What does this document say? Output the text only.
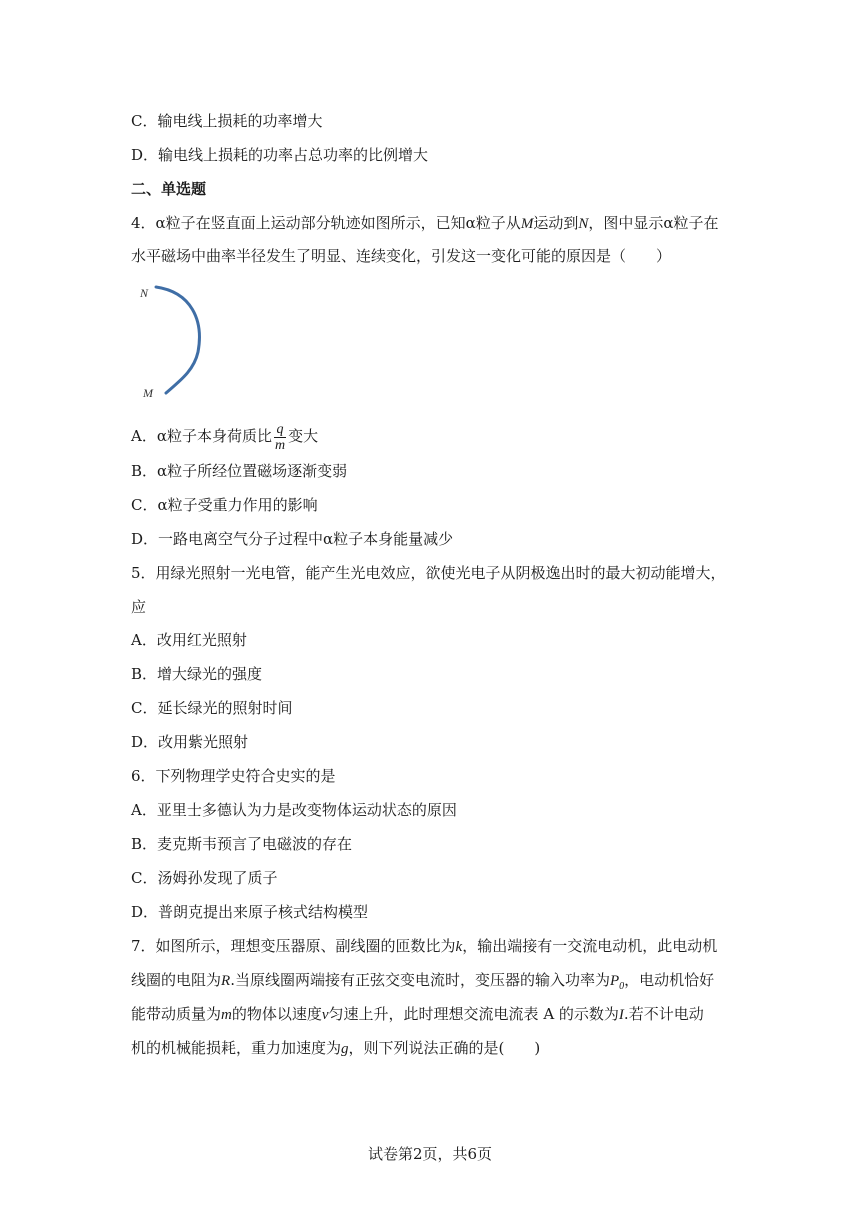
C．输电线上损耗的功率增大
D．输电线上损耗的功率占总功率的比例增大
二、单选题
4．α粒子在竖直面上运动部分轨迹如图所示，已知α粒子从M运动到N，图中显示α粒子在
水平磁场中曲率半径发生了明显、连续变化，引发这一变化可能的原因是（　　）
N
M
A．α粒子本身荷质比 $\frac{q}{m}$ 变大
B．α粒子所经位置磁场逐渐变弱
C．α粒子受重力作用的影响
D．一路电离空气分子过程中α粒子本身能量减少
5．用绿光照射一光电管，能产生光电效应，欲使光电子从阴极逸出时的最大初动能增大，
应
A．改用红光照射
B．增大绿光的强度
C．延长绿光的照射时间
D．改用紫光照射
6．下列物理学史符合史实的是
A．亚里士多德认为力是改变物体运动状态的原因
B．麦克斯韦预言了电磁波的存在
C．汤姆孙发现了质子
D．普朗克提出来原子核式结构模型
7．如图所示，理想变压器原、副线圈的匝数比为k，输出端接有一交流电动机，此电动机
线圈的电阻为R.当原线圈两端接有正弦交变电流时，变压器的输入功率为$P_0$，电动机恰好
能带动质量为m的物体以速度v匀速上升，此时理想交流电流表 A 的示数为I.若不计电动
机的机械能损耗，重力加速度为g，则下列说法正确的是(　　)
试卷第2页，共6页
